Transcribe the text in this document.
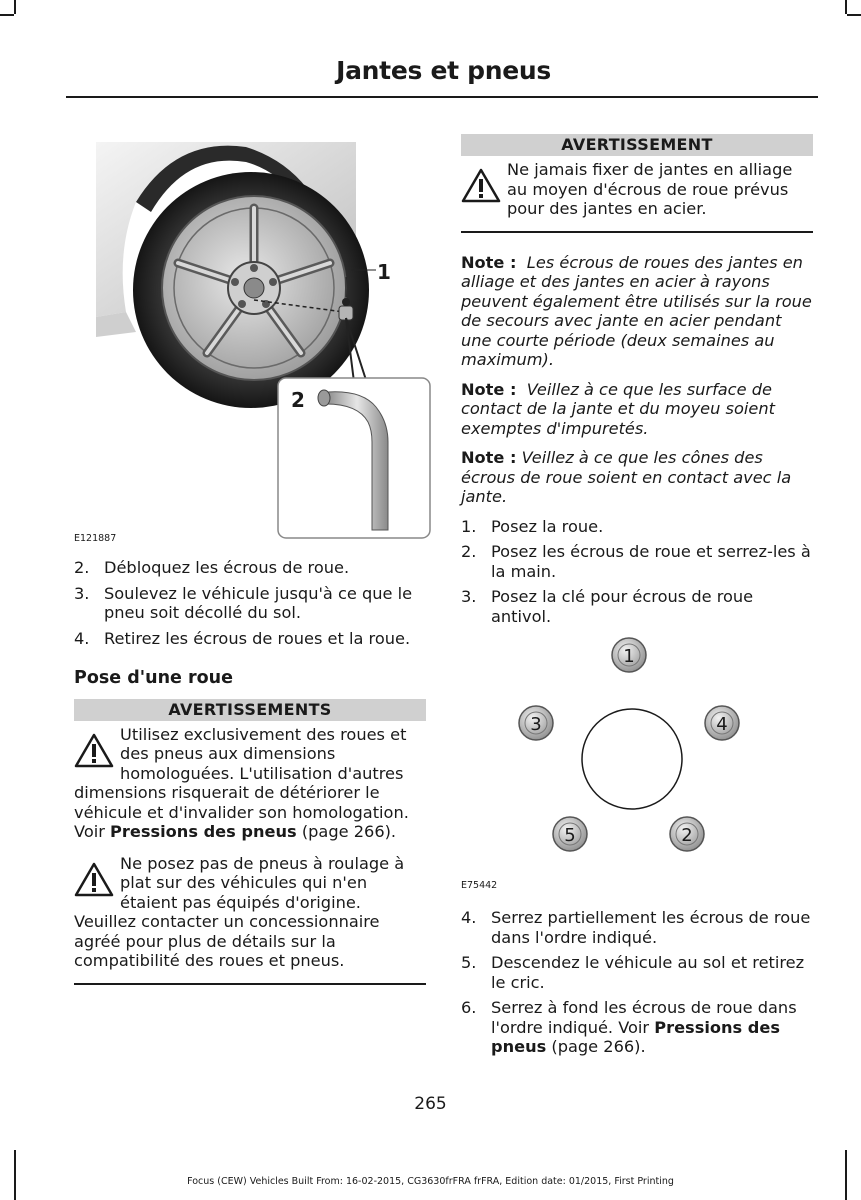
Jantes et pneus
1
2
E121887
2. Débloquez les écrous de roue.
3. Soulevez le véhicule jusqu'à ce que le pneu soit décollé du sol.
4. Retirez les écrous de roues et la roue.
Pose d'une roue
AVERTISSEMENTS
Utilisez exclusivement des roues et des pneus aux dimensions homologuées. L'utilisation d'autres dimensions risquerait de détériorer le véhicule et d'invalider son homologation. Voir Pressions des pneus (page 266).
Ne posez pas de pneus à roulage à plat sur des véhicules qui n'en étaient pas équipés d'origine. Veuillez contacter un concessionnaire agréé pour plus de détails sur la compatibilité des roues et pneus.
AVERTISSEMENT
Ne jamais fixer de jantes en alliage au moyen d'écrous de roue prévus pour des jantes en acier.
Note : Les écrous de roues des jantes en alliage et des jantes en acier à rayons peuvent également être utilisés sur la roue de secours avec jante en acier pendant une courte période (deux semaines au maximum).
Note : Veillez à ce que les surface de contact de la jante et du moyeu soient exemptes d'impuretés.
Note : Veillez à ce que les cônes des écrous de roue soient en contact avec la jante.
1. Posez la roue.
2. Posez les écrous de roue et serrez-les à la main.
3. Posez la clé pour écrous de roue antivol.
1
4
2
5
3
E75442
4. Serrez partiellement les écrous de roue dans l'ordre indiqué.
5. Descendez le véhicule au sol et retirez le cric.
6. Serrez à fond les écrous de roue dans l'ordre indiqué. Voir Pressions des pneus (page 266).
265
Focus (CEW) Vehicles Built From: 16-02-2015, CG3630frFRA frFRA, Edition date: 01/2015, First Printing
